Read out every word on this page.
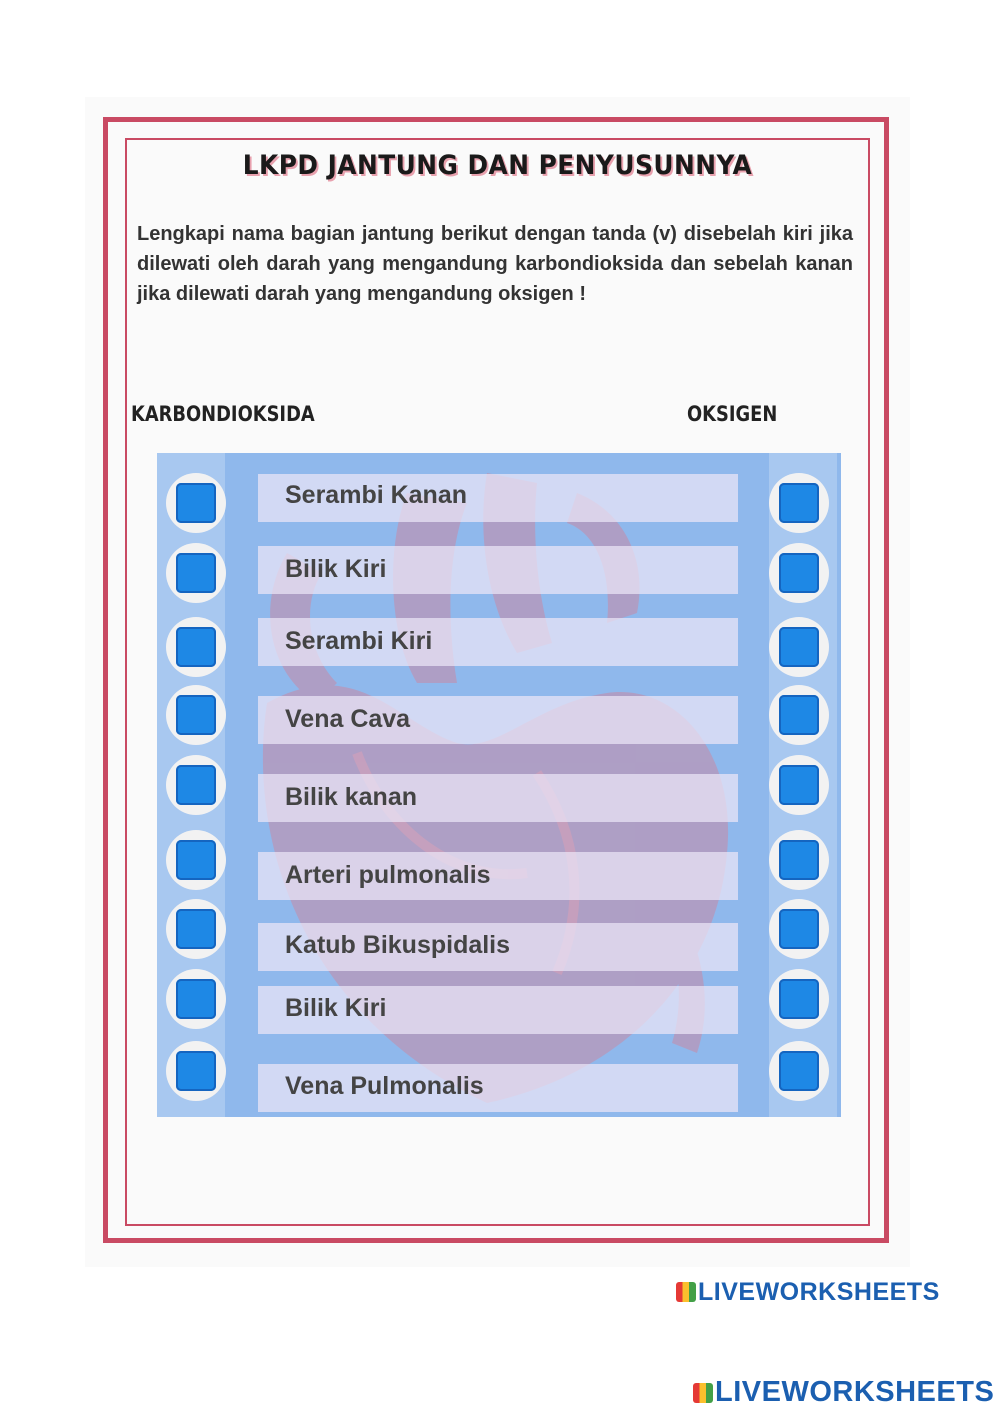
LKPD JANTUNG DAN PENYUSUNNYA
Lengkapi nama bagian jantung berikut dengan tanda (v) disebelah kiri jika dilewati oleh darah yang mengandung karbondioksida dan sebelah kanan jika dilewati darah yang mengandung oksigen !
KARBONDIOKSIDA	OKSIGEN
Serambi Kanan
Bilik Kiri
Serambi Kiri
Vena Cava
Bilik kanan
Arteri pulmonalis
Katub Bikuspidalis
Bilik Kiri
Vena Pulmonalis
LIVEWORKSHEETS
LIVEWORKSHEETS
